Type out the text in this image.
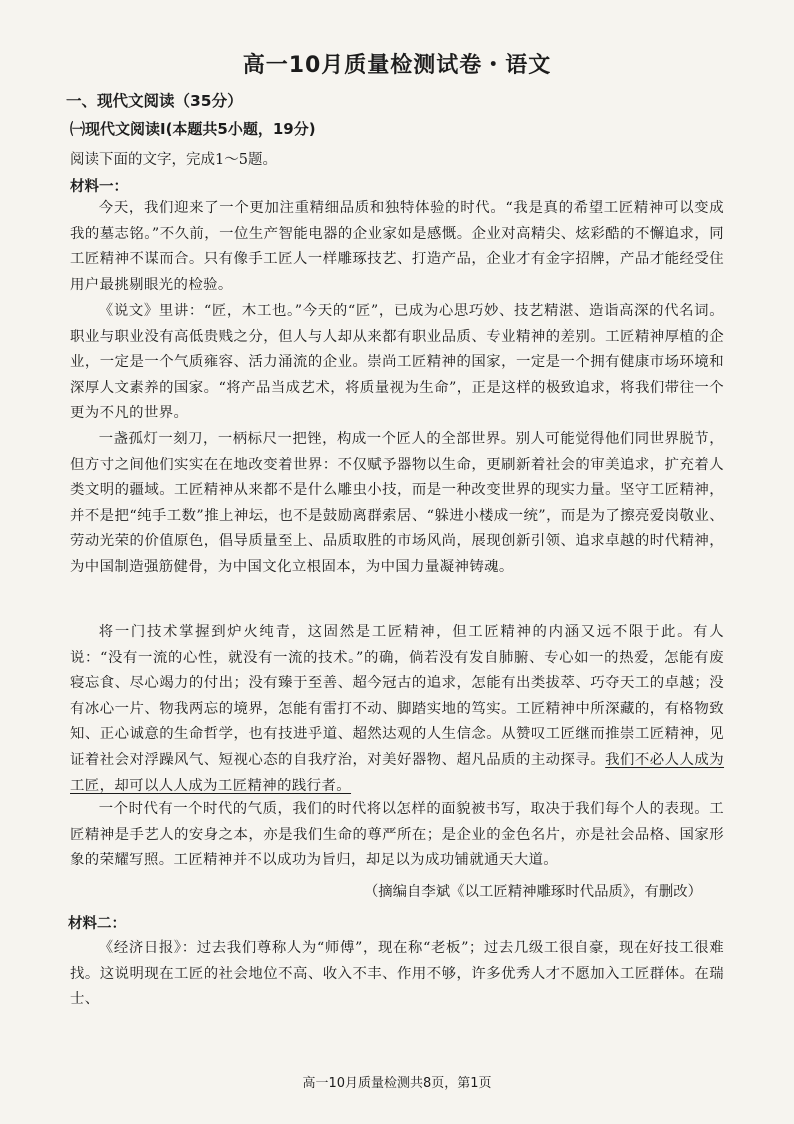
高一10月质量检测试卷・语文
一、现代文阅读（35分）
㈠现代文阅读Ⅰ(本题共5小题，19分)
阅读下面的文字，完成1～5题。
材料一：

今天，我们迎来了一个更加注重精细品质和独特体验的时代。“我是真的希望工匠精神可以变成我的墓志铭。”不久前，一位生产智能电器的企业家如是感慨。企业对高精尖、炫彩酷的不懈追求，同工匠精神不谋而合。只有像手工匠人一样雕琢技艺、打造产品，企业才有金字招牌，产品才能经受住用户最挑剔眼光的检验。

《说文》里讲：“匠，木工也。”今天的“匠”，已成为心思巧妙、技艺精湛、造诣高深的代名词。职业与职业没有高低贵贱之分，但人与人却从来都有职业品质、专业精神的差别。工匠精神厚植的企业，一定是一个气质雍容、活力涌流的企业。崇尚工匠精神的国家，一定是一个拥有健康市场环境和深厚人文素养的国家。“将产品当成艺术，将质量视为生命”，正是这样的极致追求，将我们带往一个更为不凡的世界。

一盏孤灯一刻刀，一柄标尺一把锉，构成一个匠人的全部世界。别人可能觉得他们同世界脱节，但方寸之间他们实实在在地改变着世界：不仅赋予器物以生命，更刷新着社会的审美追求，扩充着人类文明的疆域。工匠精神从来都不是什么雕虫小技，而是一种改变世界的现实力量。坚守工匠精神，并不是把“纯手工数”推上神坛，也不是鼓励离群索居、“躲进小楼成一统”，而是为了擦亮爱岗敬业、劳动光荣的价值原色，倡导质量至上、品质取胜的市场风尚，展现创新引领、追求卓越的时代精神，为中国制造强筋健骨，为中国文化立根固本，为中国力量凝神铸魂。

将一门技术掌握到炉火纯青，这固然是工匠精神，但工匠精神的内涵又远不限于此。有人说：“没有一流的心性，就没有一流的技术。”的确，倘若没有发自肺腑、专心如一的热爱，怎能有废寝忘食、尽心竭力的付出；没有臻于至善、超今冠古的追求，怎能有出类拔萃、巧夺天工的卓越；没有冰心一片、物我两忘的境界，怎能有雷打不动、脚踏实地的笃实。工匠精神中所深藏的，有格物致知、正心诚意的生命哲学，也有技进乎道、超然达观的人生信念。从赞叹工匠继而推崇工匠精神，见证着社会对浮躁风气、短视心态的自我疗治，对美好器物、超凡品质的主动探寻。我们不必人人成为工匠，却可以人人成为工匠精神的践行者。

一个时代有一个时代的气质，我们的时代将以怎样的面貌被书写，取决于我们每个人的表现。工匠精神是手艺人的安身之本，亦是我们生命的尊严所在；是企业的金色名片，亦是社会品格、国家形象的荣耀写照。工匠精神并不以成功为旨归，却足以为成功铺就通天大道。

（摘编自李斌《以工匠精神雕琢时代品质》，有删改）
材料二：

《经济日报》：过去我们尊称人为“师傅”，现在称“老板”；过去几级工很自豪，现在好技工很难找。这说明现在工匠的社会地位不高、收入不丰、作用不够，许多优秀人才不愿加入工匠群体。在瑞士、

高一10月质量检测共8页，第1页
